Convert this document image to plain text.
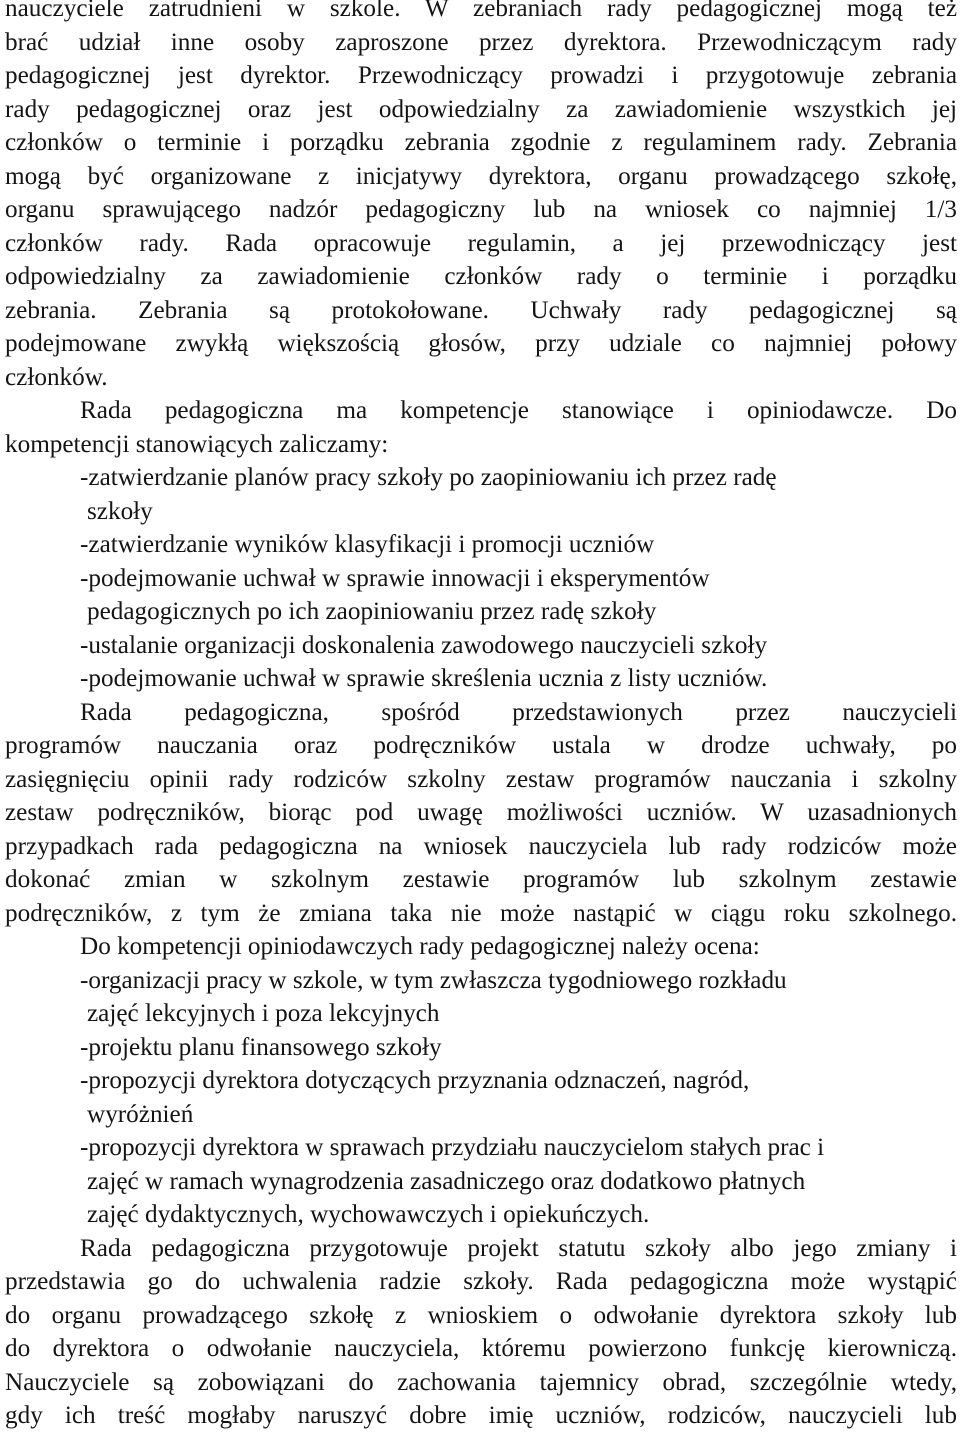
nauczyciele zatrudnieni w szkole. W zebraniach rady pedagogicznej mogą też
brać udział inne osoby zaproszone przez dyrektora. Przewodniczącym rady
pedagogicznej jest dyrektor. Przewodniczący prowadzi i przygotowuje zebrania
rady pedagogicznej oraz jest odpowiedzialny za zawiadomienie wszystkich jej
członków o terminie i porządku zebrania zgodnie z regulaminem rady. Zebrania
mogą być organizowane z inicjatywy dyrektora, organu prowadzącego szkołę,
organu sprawującego nadzór pedagogiczny lub na wniosek co najmniej 1/3
członków rady. Rada opracowuje regulamin, a jej przewodniczący jest
odpowiedzialny za zawiadomienie członków rady o terminie i porządku
zebrania. Zebrania są protokołowane. Uchwały rady pedagogicznej są
podejmowane zwykłą większością głosów, przy udziale co najmniej połowy
członków.
Rada pedagogiczna ma kompetencje stanowiące i opiniodawcze. Do
kompetencji stanowiących zaliczamy:
-zatwierdzanie planów pracy szkoły po zaopiniowaniu ich przez radę
szkoły
-zatwierdzanie wyników klasyfikacji i promocji uczniów
-podejmowanie uchwał w sprawie innowacji i eksperymentów
pedagogicznych po ich zaopiniowaniu przez radę szkoły
-ustalanie organizacji doskonalenia zawodowego nauczycieli szkoły
-podejmowanie uchwał w sprawie skreślenia ucznia z listy uczniów.
Rada pedagogiczna, spośród przedstawionych przez nauczycieli
programów nauczania oraz podręczników ustala w drodze uchwały, po
zasięgnięciu opinii rady rodziców szkolny zestaw programów nauczania i szkolny
zestaw podręczników, biorąc pod uwagę możliwości uczniów. W uzasadnionych
przypadkach rada pedagogiczna na wniosek nauczyciela lub rady rodziców może
dokonać zmian w szkolnym zestawie programów lub szkolnym zestawie
podręczników, z tym że zmiana taka nie może nastąpić w ciągu roku szkolnego.
Do kompetencji opiniodawczych rady pedagogicznej należy ocena:
-organizacji pracy w szkole, w tym zwłaszcza tygodniowego rozkładu
zajęć lekcyjnych i poza lekcyjnych
-projektu planu finansowego szkoły
-propozycji dyrektora dotyczących przyznania odznaczeń, nagród,
wyróżnień
-propozycji dyrektora w sprawach przydziału nauczycielom stałych prac i
zajęć w ramach wynagrodzenia zasadniczego oraz dodatkowo płatnych
zajęć dydaktycznych, wychowawczych i opiekuńczych.
Rada pedagogiczna przygotowuje projekt statutu szkoły albo jego zmiany i
przedstawia go do uchwalenia radzie szkoły. Rada pedagogiczna może wystąpić
do organu prowadzącego szkołę z wnioskiem o odwołanie dyrektora szkoły lub
do dyrektora o odwołanie nauczyciela, któremu powierzono funkcję kierowniczą.
Nauczyciele są zobowiązani do zachowania tajemnicy obrad, szczególnie wtedy,
gdy ich treść mogłaby naruszyć dobre imię uczniów, rodziców, nauczycieli lub
